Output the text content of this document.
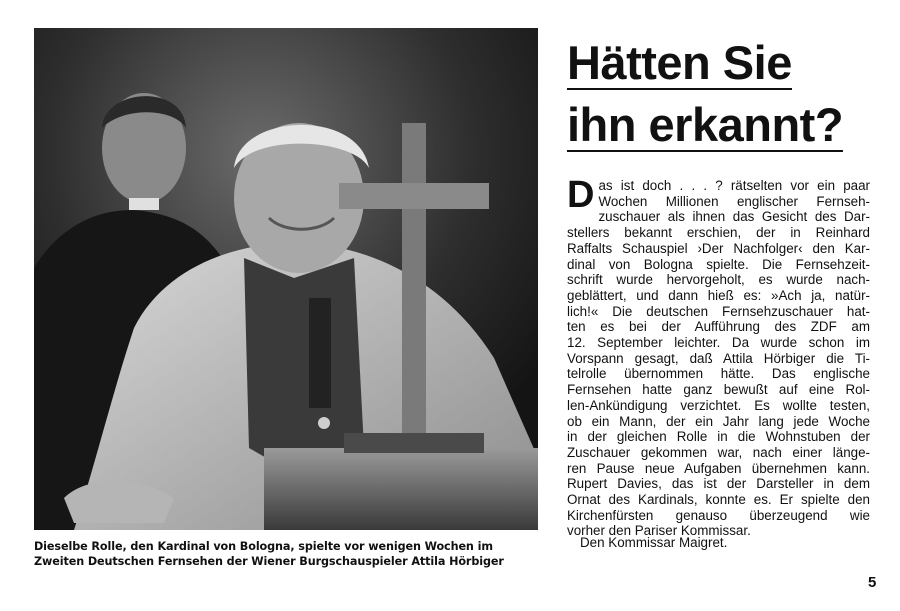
Dieselbe Rolle, den Kardinal von Bologna, spielte vor wenigen Wochen im
Zweiten Deutschen Fernsehen der Wiener Burgschauspieler Attila Hörbiger
Hätten Sie
ihn erkannt?
D as ist doch . . . ? rätselten vor ein paar
Wochen Millionen englischer Fernseh-
zuschauer als ihnen das Gesicht des Dar-
stellers bekannt erschien, der in Reinhard
Raffalts Schauspiel ›Der Nachfolger‹ den Kar-
dinal von Bologna spielte. Die Fernsehzeit-
schrift wurde hervorgeholt, es wurde nach-
geblättert, und dann hieß es: »Ach ja, natür-
lich!« Die deutschen Fernsehzuschauer hat-
ten es bei der Aufführung des ZDF am
12. September leichter. Da wurde schon im
Vorspann gesagt, daß Attila Hörbiger die Ti-
telrolle übernommen hätte. Das englische
Fernsehen hatte ganz bewußt auf eine Rol-
len-Ankündigung verzichtet. Es wollte testen,
ob ein Mann, der ein Jahr lang jede Woche
in der gleichen Rolle in die Wohnstuben der
Zuschauer gekommen war, nach einer länge-
ren Pause neue Aufgaben übernehmen kann.
Rupert Davies, das ist der Darsteller in dem
Ornat des Kardinals, konnte es. Er spielte den
Kirchenfürsten genauso überzeugend wie
vorher den Pariser Kommissar.
Den Kommissar Maigret.
5
